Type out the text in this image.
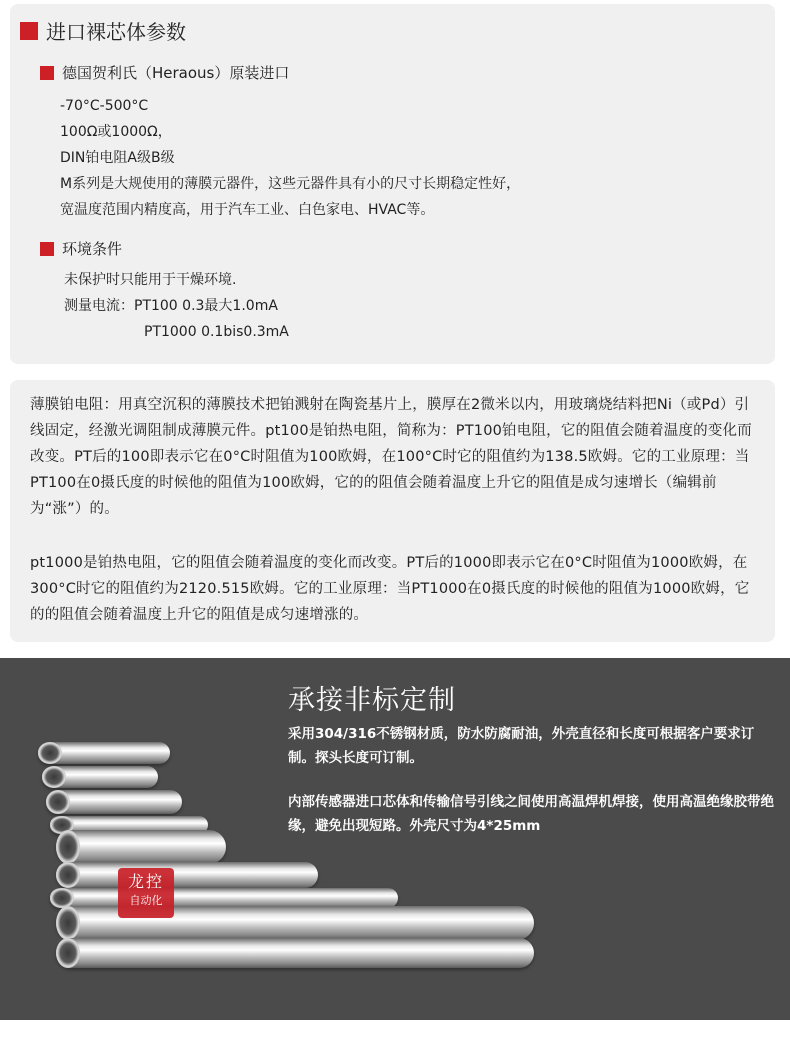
进口裸芯体参数
德国贺利氏（Heraous）原装进口
-70°C-500°C
100Ω或1000Ω，
DIN铂电阻A级B级
M系列是大规使用的薄膜元器件，这些元器件具有小的尺寸长期稳定性好，
宽温度范围内精度高，用于汽车工业、白色家电、HVAC等。
环境条件
未保护时只能用于干燥环境.
测量电流：PT100 0.3最大1.0mA
PT1000 0.1bis0.3mA
薄膜铂电阻：用真空沉积的薄膜技术把铂溅射在陶瓷基片上，膜厚在2微米以内，用玻璃烧结料把Ni（或Pd）引线固定，经激光调阻制成薄膜元件。pt100是铂热电阻，简称为：PT100铂电阻，它的阻值会随着温度的变化而改变。PT后的100即表示它在0°C时阻值为100欧姆，在100°C时它的阻值约为138.5欧姆。它的工业原理：当PT100在0摄氏度的时候他的阻值为100欧姆，它的的阻值会随着温度上升它的阻值是成匀速增长（编辑前为“涨”）的。
pt1000是铂热电阻，它的阻值会随着温度的变化而改变。PT后的1000即表示它在0°C时阻值为1000欧姆，在300°C时它的阻值约为2120.515欧姆。它的工业原理：当PT1000在0摄氏度的时候他的阻值为1000欧姆，它的的阻值会随着温度上升它的阻值是成匀速增涨的。
承接非标定制
采用304/316不锈钢材质，防水防腐耐油，外壳直径和长度可根据客户要求订制。探头长度可订制。
内部传感器进口芯体和传输信号引线之间使用高温焊机焊接，使用高温绝缘胶带绝缘，避免出现短路。外壳尺寸为4*25mm
龙控
自动化
